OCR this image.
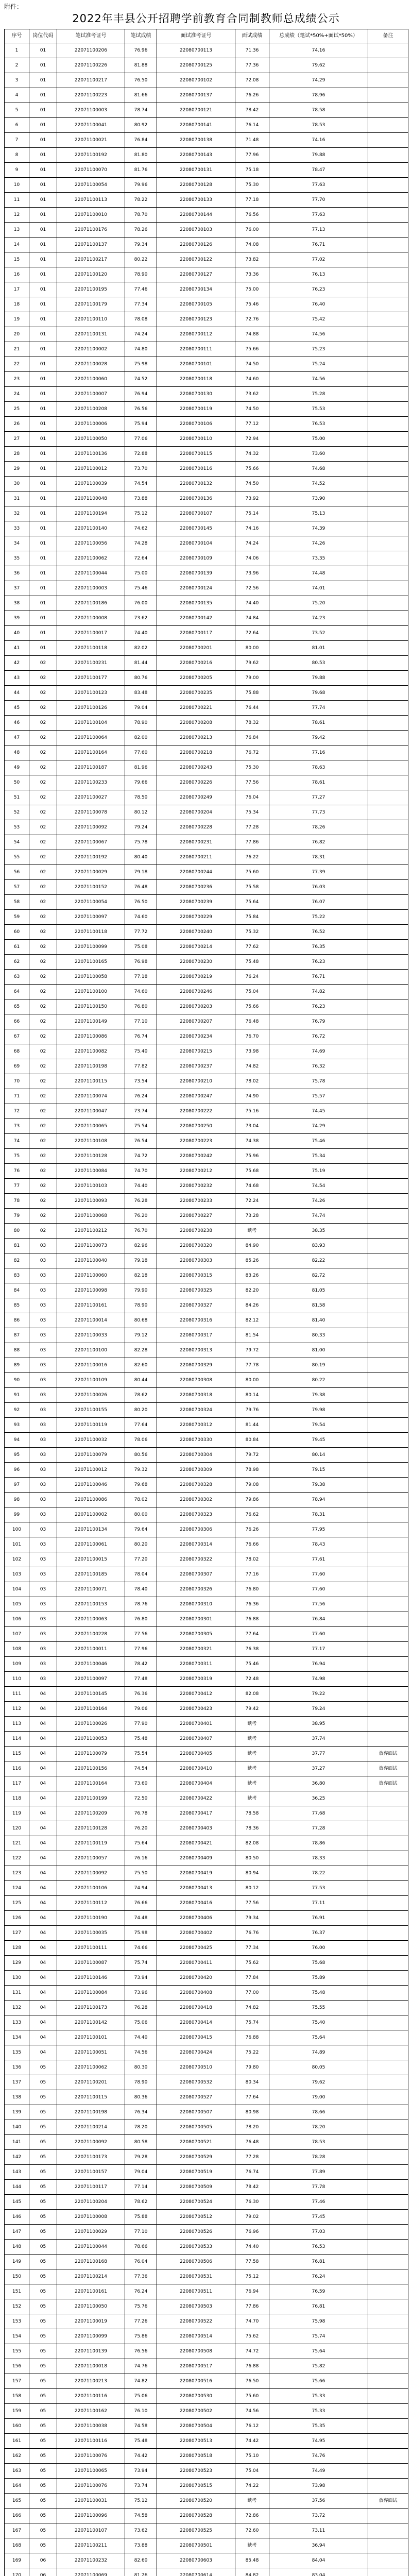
附件：
2022年丰县公开招聘学前教育合同制教师总成绩公示
序号	岗位代码	笔试准考证号	笔试成绩	面试准考证号	面试成绩	总成绩（笔试*50%+面试*50%）	备注
1	01	22071100206	76.96	22080700113	71.36	74.16	
2	01	22071100226	81.88	22080700125	77.36	79.62	
3	01	22071100217	76.50	22080700102	72.08	74.29	
4	01	22071100223	81.66	22080700137	76.26	78.96	
5	01	22071100003	78.74	22080700121	78.42	78.58	
6	01	22071100041	80.92	22080700141	76.14	78.53	
7	01	22071100021	76.84	22080700138	71.48	74.16	
8	01	22071100192	81.80	22080700143	77.96	79.88	
9	01	22071100070	81.76	22080700131	75.18	78.47	
10	01	22071100054	79.96	22080700128	75.30	77.63	
11	01	22071100113	78.22	22080700133	77.18	77.70	
12	01	22071100010	78.70	22080700144	76.56	77.63	
13	01	22071100176	78.26	22080700103	76.00	77.13	
14	01	22071100137	79.34	22080700126	74.08	76.71	
15	01	22071100217	80.22	22080700122	73.82	77.02	
16	01	22071100120	78.90	22080700127	73.36	76.13	
17	01	22071100195	77.46	22080700134	75.00	76.23	
18	01	22071100179	77.34	22080700105	75.46	76.40	
19	01	22071100110	78.08	22080700123	72.76	75.42	
20	01	22071100131	74.24	22080700112	74.88	74.56	
21	01	22071100002	74.80	22080700111	75.66	75.23	
22	01	22071100028	75.98	22080700101	74.50	75.24	
23	01	22071100060	74.52	22080700118	74.60	74.56	
24	01	22071100007	76.94	22080700130	73.62	75.28	
25	01	22071100208	76.56	22080700119	74.50	75.53	
26	01	22071100006	75.94	22080700106	77.12	76.53	
27	01	22071100050	77.06	22080700110	72.94	75.00	
28	01	22071100136	72.88	22080700115	74.32	73.60	
29	01	22071100012	73.70	22080700116	75.66	74.68	
30	01	22071100039	74.54	22080700132	74.50	74.52	
31	01	22071100048	73.88	22080700136	73.92	73.90	
32	01	22071100194	75.12	22080700107	75.14	75.13	
33	01	22071100140	74.62	22080700145	74.16	74.39	
34	01	22071100056	74.28	22080700104	74.24	74.26	
35	01	22071100062	72.64	22080700109	74.06	73.35	
36	01	22071100044	75.00	22080700139	73.96	74.48	
37	01	22071100003	75.46	22080700124	72.56	74.01	
38	01	22071100186	76.00	22080700135	74.40	75.20	
39	01	22071100008	73.62	22080700142	74.84	74.23	
40	01	22071100017	74.40	22080700117	72.64	73.52	
41	01	22071100118	82.02	22080700201	80.00	81.01	
42	02	22071100231	81.44	22080700216	79.62	80.53	
43	02	22071100177	80.76	22080700205	79.00	79.88	
44	02	22071100123	83.48	22080700235	75.88	79.68	
45	02	22071100126	79.04	22080700221	76.44	77.74	
46	02	22071100104	78.90	22080700208	78.32	78.61	
47	02	22071100064	82.00	22080700213	76.84	79.42	
48	02	22071100164	77.60	22080700218	76.72	77.16	
49	02	22071100187	81.96	22080700243	75.30	78.63	
50	02	22071100233	79.66	22080700226	77.56	78.61	
51	02	22071100027	78.50	22080700249	76.04	77.27	
52	02	22071100078	80.12	22080700204	75.34	77.73	
53	02	22071100092	79.24	22080700228	77.28	78.26	
54	02	22071100067	75.78	22080700231	77.86	76.82	
55	02	22071100192	80.40	22080700211	76.22	78.31	
56	02	22071100029	79.18	22080700244	75.60	77.39	
57	02	22071100152	76.48	22080700236	75.58	76.03	
58	02	22071100054	76.50	22080700239	75.64	76.07	
59	02	22071100097	74.60	22080700229	75.84	75.22	
60	02	22071100118	77.72	22080700240	75.32	76.52	
61	02	22071100099	75.08	22080700214	77.62	76.35	
62	02	22071100165	76.98	22080700230	75.48	76.23	
63	02	22071100058	77.18	22080700219	76.24	76.71	
64	02	22071100100	74.60	22080700246	75.04	74.82	
65	02	22071100150	76.80	22080700203	75.66	76.23	
66	02	22071100149	77.10	22080700207	76.48	76.79	
67	02	22071100086	76.74	22080700234	76.70	76.72	
68	02	22071100082	75.40	22080700215	73.98	74.69	
69	02	22071100198	77.82	22080700237	74.82	76.32	
70	02	22071100115	73.54	22080700210	78.02	75.78	
71	02	22071100074	76.24	22080700247	74.90	75.57	
72	02	22071100047	73.74	22080700222	75.16	74.45	
73	02	22071100065	75.54	22080700250	73.04	74.29	
74	02	22071100108	76.54	22080700223	74.38	75.46	
75	02	22071100128	74.72	22080700242	75.96	75.34	
76	02	22071100084	74.70	22080700212	75.68	75.19	
77	02	22071100103	74.40	22080700232	74.68	74.54	
78	02	22071100093	76.28	22080700233	72.24	74.26	
79	02	22071100068	76.20	22080700227	73.28	74.74	
80	02	22071100212	76.70	22080700238	缺考	38.35	
81	03	22071100073	82.96	22080700320	84.90	83.93	
82	03	22071100040	79.18	22080700303	85.26	82.22	
83	03	22071100060	82.18	22080700315	83.26	82.72	
84	03	22071100098	79.90	22080700325	82.20	81.05	
85	03	22071100161	78.90	22080700327	84.26	81.58	
86	03	22071100014	80.68	22080700316	82.12	81.40	
87	03	22071100033	79.12	22080700317	81.54	80.33	
88	03	22071100100	82.28	22080700313	79.72	81.00	
89	03	22071100016	82.60	22080700329	77.78	80.19	
90	03	22071100109	80.44	22080700308	80.00	80.22	
91	03	22071100026	78.62	22080700318	80.14	79.38	
92	03	22071100155	80.20	22080700324	79.76	79.98	
93	03	22071100119	77.64	22080700312	81.44	79.54	
94	03	22071100032	78.06	22080700330	80.84	79.45	
95	03	22071100079	80.56	22080700304	79.72	80.14	
96	03	22071100012	79.32	22080700309	78.98	79.15	
97	03	22071100046	79.68	22080700328	79.08	79.38	
98	03	22071100086	78.02	22080700302	79.86	78.94	
99	03	22071100002	80.00	22080700323	76.62	78.31	
100	03	22071100134	79.64	22080700306	76.26	77.95	
101	03	22071100061	80.20	22080700314	76.66	78.43	
102	03	22071100015	77.20	22080700322	78.02	77.61	
103	03	22071100185	78.04	22080700307	77.16	77.60	
104	03	22071100071	78.40	22080700326	76.80	77.60	
105	03	22071100153	78.76	22080700310	76.36	77.56	
106	03	22071100063	76.80	22080700301	76.88	76.84	
107	03	22071100228	77.56	22080700305	77.64	77.60	
108	03	22071100011	77.96	22080700321	76.38	77.17	
109	03	22071100046	78.42	22080700311	75.46	76.94	
110	03	22071100097	77.48	22080700319	72.48	74.98	
111	04	22071100145	76.36	22080700412	82.08	79.22	
112	04	22071100164	79.06	22080700423	79.42	79.24	
113	04	22071100026	77.90	22080700401	缺考	38.95	
114	04	22071100053	75.48	22080700407	缺考	37.74	
115	04	22071100079	75.54	22080700405	缺考	37.77	放弃面试
116	04	22071100156	74.54	22080700410	缺考	37.27	放弃面试
117	04	22071100164	73.60	22080700404	缺考	36.80	放弃面试
118	04	22071100199	72.50	22080700422	缺考	36.25	
119	04	22071100209	76.78	22080700417	78.58	77.68	
120	04	22071100128	76.20	22080700403	78.36	77.28	
121	04	22071100119	75.64	22080700421	82.08	78.86	
122	04	22071100057	76.16	22080700409	80.50	78.33	
123	04	22071100092	75.50	22080700419	80.94	78.22	
124	04	22071100106	74.94	22080700413	80.12	77.53	
125	04	22071100112	76.66	22080700416	77.56	77.11	
126	04	22071100190	74.48	22080700406	79.34	76.91	
127	04	22071100035	75.98	22080700402	76.76	76.37	
128	04	22071100111	74.66	22080700425	77.34	76.00	
129	04	22071100087	75.74	22080700411	75.62	75.68	
130	04	22071100146	73.94	22080700420	77.84	75.89	
131	04	22071100084	73.96	22080700408	77.00	75.48	
132	04	22071100173	76.28	22080700418	74.82	75.55	
133	04	22071100142	75.06	22080700414	75.74	75.40	
134	04	22071100101	74.40	22080700415	76.88	75.64	
135	04	22071100051	74.56	22080700424	75.22	74.89	
136	05	22071100062	80.30	22080700510	79.80	80.05	
137	05	22071100201	78.90	22080700532	80.34	79.62	
138	05	22071100115	80.36	22080700527	77.64	79.00	
139	05	22071100198	76.34	22080700507	80.98	78.66	
140	05	22071100214	78.20	22080700505	78.20	78.20	
141	05	22071100092	80.58	22080700521	76.48	78.53	
142	05	22071100173	79.28	22080700529	77.28	78.28	
143	05	22071100157	79.04	22080700519	76.74	77.89	
144	05	22071100117	77.14	22080700509	78.42	77.78	
145	05	22071100204	78.62	22080700524	76.30	77.46	
146	05	22071100008	75.88	22080700512	79.02	77.45	
147	05	22071100029	77.10	22080700526	76.96	77.03	
148	05	22071100044	78.66	22080700533	74.40	76.53	
149	05	22071100168	76.04	22080700506	77.58	76.81	
150	05	22071100214	77.36	22080700531	75.12	76.24	
151	05	22071100161	76.24	22080700511	76.94	76.59	
152	05	22071100050	75.76	22080700503	77.86	76.81	
153	05	22071100019	77.26	22080700522	74.70	75.98	
154	05	22071100099	75.86	22080700514	75.62	75.74	
155	05	22071100139	76.56	22080700508	74.72	75.64	
156	05	22071100018	74.76	22080700517	76.88	75.82	
157	05	22071100213	74.82	22080700516	76.50	75.66	
158	05	22071100116	75.06	22080700530	75.60	75.33	
159	05	22071100162	76.10	22080700502	74.56	75.33	
160	05	22071100038	74.58	22080700504	76.12	75.35	
161	05	22071100116	75.48	22080700513	74.42	74.95	
162	05	22071100076	74.42	22080700518	75.10	74.76	
163	05	22071100065	73.94	22080700523	75.04	74.49	
164	05	22071100076	73.74	22080700515	74.22	73.98	
165	05	22071100031	75.12	22080700520	缺考	37.56	放弃面试
166	05	22071100096	74.58	22080700528	72.86	73.72	
167	05	22071100107	73.62	22080700525	72.60	73.11	
168	05	22071100211	73.88	22080700501	缺考	36.94	
169	06	22071100232	82.60	22080700603	85.48	84.04	
170	06	22071100069	81.26	22080700614	84.82	83.04	
